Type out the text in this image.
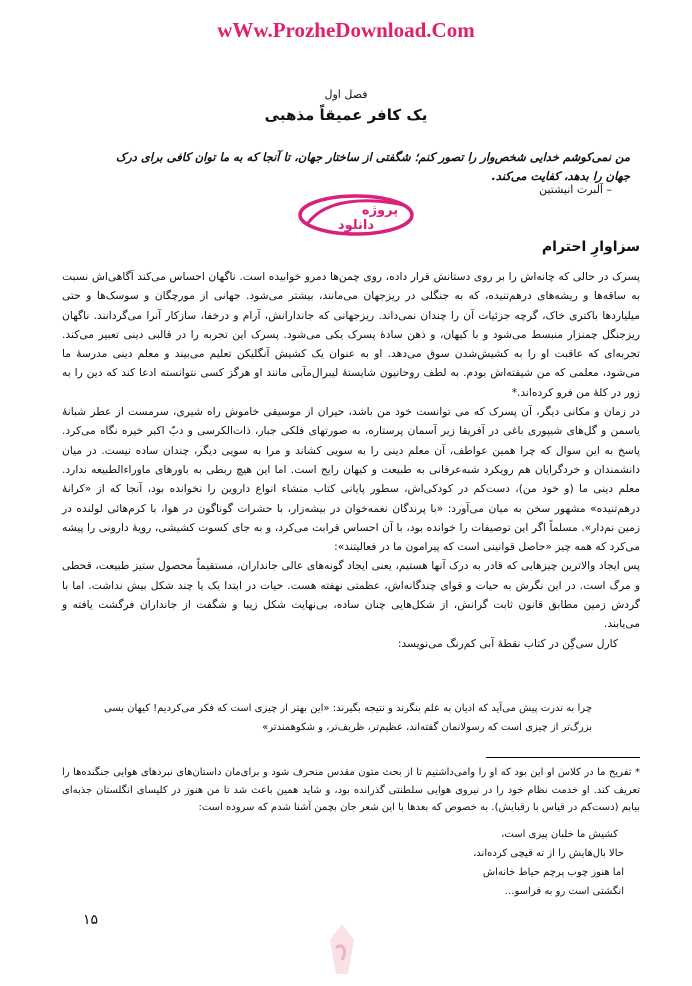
wWw.ProzheDownload.Com
فصل اول
یک کافر عمیقاً مذهبی
من نمی‌کوشم خدایی شخص‌وار را تصور کنم؛ شگفتی از ساختار جهان، تا آنجا که به ما توان کافی برای درک جهان را بدهد، کفایت می‌کند.
– آلبرت انیشتین
پروژه
دانلود
سزاوارِ احترام

پسرک در حالی که چانه‌اش را بر روی دستانش قرار داده، روی چمن‌ها دمرو خوابیده است. ناگهان احساس می‌کند آگاهی‌اش نسبت به ساقه‌ها و ریشه‌های درهم‌تنیده، که به جنگلی در ریزجهان می‌مانند، بیشتر می‌شود. جهانی از مورچگان و سوسک‌ها و حتی میلیاردها باکتری خاک، گرچه جزئیات آن را چندان نمی‌داند. ریزجهانی که جاندارانش، آرام و درخفا، سازکار آنرا می‌گردانند. ناگهان ریزجنگل چمنزار منبسط می‌شود و با کیهان، و ذهن سادهٔ پسرک یکی می‌شود. پسرک این تجربه را در قالبی دینی تعبیر می‌کند. تجربه‌ای که عاقبت او را به کشیش‌شدن سوق می‌دهد. او به عنوان یک کشیش آنگلیکن تعلیم می‌بیند و معلم دینی مدرسهٔ ما می‌شود، معلمی که من شیفته‌اش بودم. به لطف روحانیون شایستهٔ لیبرال‌مآبی مانند او هرگز کسی نتوانسته ادعا کند که دین را به زور در کلهٔ من فرو کرده‌اند.*

در زمان و مکانی دیگر، آن پسرک که می توانست خود من باشد، حیران از موسیقی خاموش راه شیری، سرمست از عطر شبانهٔ یاسمن و گل‌های شیپوری باغی در آفریقا زیر آسمان پرستاره، به صورتهای فلکی جبار، ذات‌الکرسی و دبّ اکبر خیره نگاه می‌کرد. پاسخ به این سوال که چرا همین عواطف، آن معلم دینی را به سویی کشاند و مرا به سویی دیگر، چندان ساده نیست. در میان دانشمندان و خردگرایان هم رویکرد شبه‌عرفانی به طبیعت و کیهان رایج است. اما این هیچ ربطی به باورهای ماوراءالطبیعه ندارد. معلم دینی ما (و خود من)، دست‌کم در کودکی‌اش، سطور پایانی کتاب منشاء انواع داروین را نخوانده بود، آنجا که از «کرانهٔ درهم‌تنیده» مشهور سخن به میان می‌آورد: «با پرندگان نغمه‌خوان در بیشه‌زار، با حشرات گوناگون در هوا، با کرم‌هائی لولنده در زمین نم‌دار». مسلماً اگر این توصیفات را خوانده بود، با آن احساس قرابت می‌کرد، و به جای کسوت کشیشی، رویهٔ دارونی را پیشه می‌کرد که همه چیز «حاصل قوانینی است که پیرامون ما در فعالیتند»:

پس ایجاد والاترین چیزهایی که قادر به درک آنها هستیم، یعنی ایجاد گونه‌های عالی جانداران، مستقیماً محصول ستیز طبیعت، قحطی و مرگ است. در این نگرش به حیات و قوای چندگانه‌اش، عظمتی نهفته هست. حیات در ابتدا یک یا چند شکل بیش نداشت. اما با گردش زمین مطابق قانون ثابت گرانش، از شکل‌هایی چنان ساده، بی‌نهایت شکل زیبا و شگفت از جانداران فرگشت یافته و می‌یابند.

کارل سی‌گِن در کتاب نقطهٔ آبی کم‌رنگ می‌نویسد:

چرا به ندرت پیش می‌آید که ادیان به علم بنگرند و نتیجه بگیرند: «این بهتر از چیزی است که فکر می‌کردیم! کیهان بسی بزرگ‌تر از چیزی است که رسولانمان گفته‌اند، عظیم‌تر، ظریف‌تر، و شکوهمندتر»
* تفریح ما در کلاس او این بود که او را وامی‌داشتیم تا از بحث متون مقدس منحرف شود و برای‌مان داستان‌های نبردهای هوایی جنگنده‌ها را تعریف کند. او خدمت نظام خود را در نیروی هوایی سلطنتی گذرانده بود، و شاید همین باعث شد تا من هنوز در کلیسای انگلستان جذبه‌ای بیابم (دست‌کم در قیاس با رقبایش). به خصوص که بعدها با این شعر جان بچمن آشنا شدم که سروده است:
کشیش ما خلبان پیری است،
حالا بال‌هایش را از ته قیچی کرده‌اند،
اما هنوز چوب پرچم حیاط خانه‌اش
انگشتی است رو به فراسو…
۱۵
